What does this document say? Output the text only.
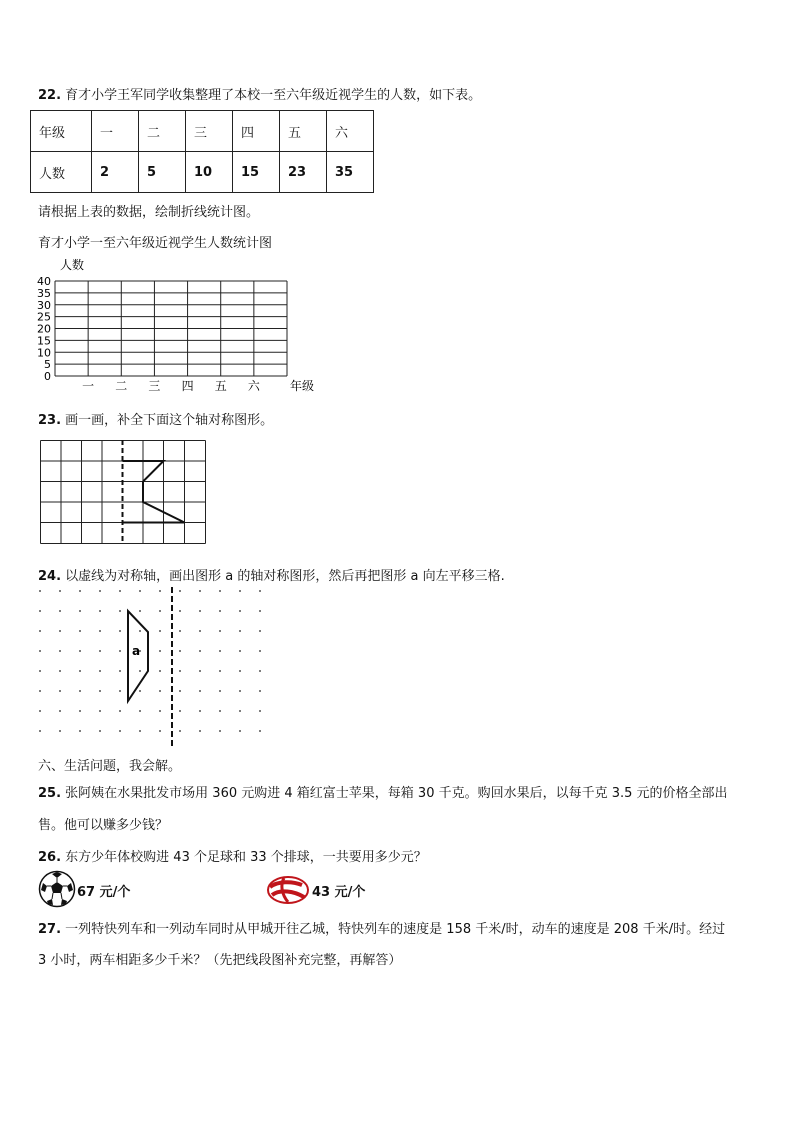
22. 育才小学王军同学收集整理了本校一至六年级近视学生的人数，如下表。
年级	一	二	三	四	五	六
人数	2	5	10	15	23	35
请根据上表的数据，绘制折线统计图。
育才小学一至六年级近视学生人数统计图
人数
40
35
30
25
20
15
10
5
0
一 二 三 四 五 六	年级
23. 画一画，补全下面这个轴对称图形。
24. 以虚线为对称轴，画出图形 a 的轴对称图形，然后再把图形 a 向左平移三格.
a
六、生活问题，我会解。
25. 张阿姨在水果批发市场用 360 元购进 4 箱红富士苹果，每箱 30 千克。购回水果后，以每千克 3.5 元的价格全部出
售。他可以赚多少钱？
26. 东方少年体校购进 43 个足球和 33 个排球，一共要用多少元？
67 元/个	43 元/个
27. 一列特快列车和一列动车同时从甲城开往乙城，特快列车的速度是 158 千米/时，动车的速度是 208 千米/时。经过
3 小时，两车相距多少千米？（先把线段图补充完整，再解答）
